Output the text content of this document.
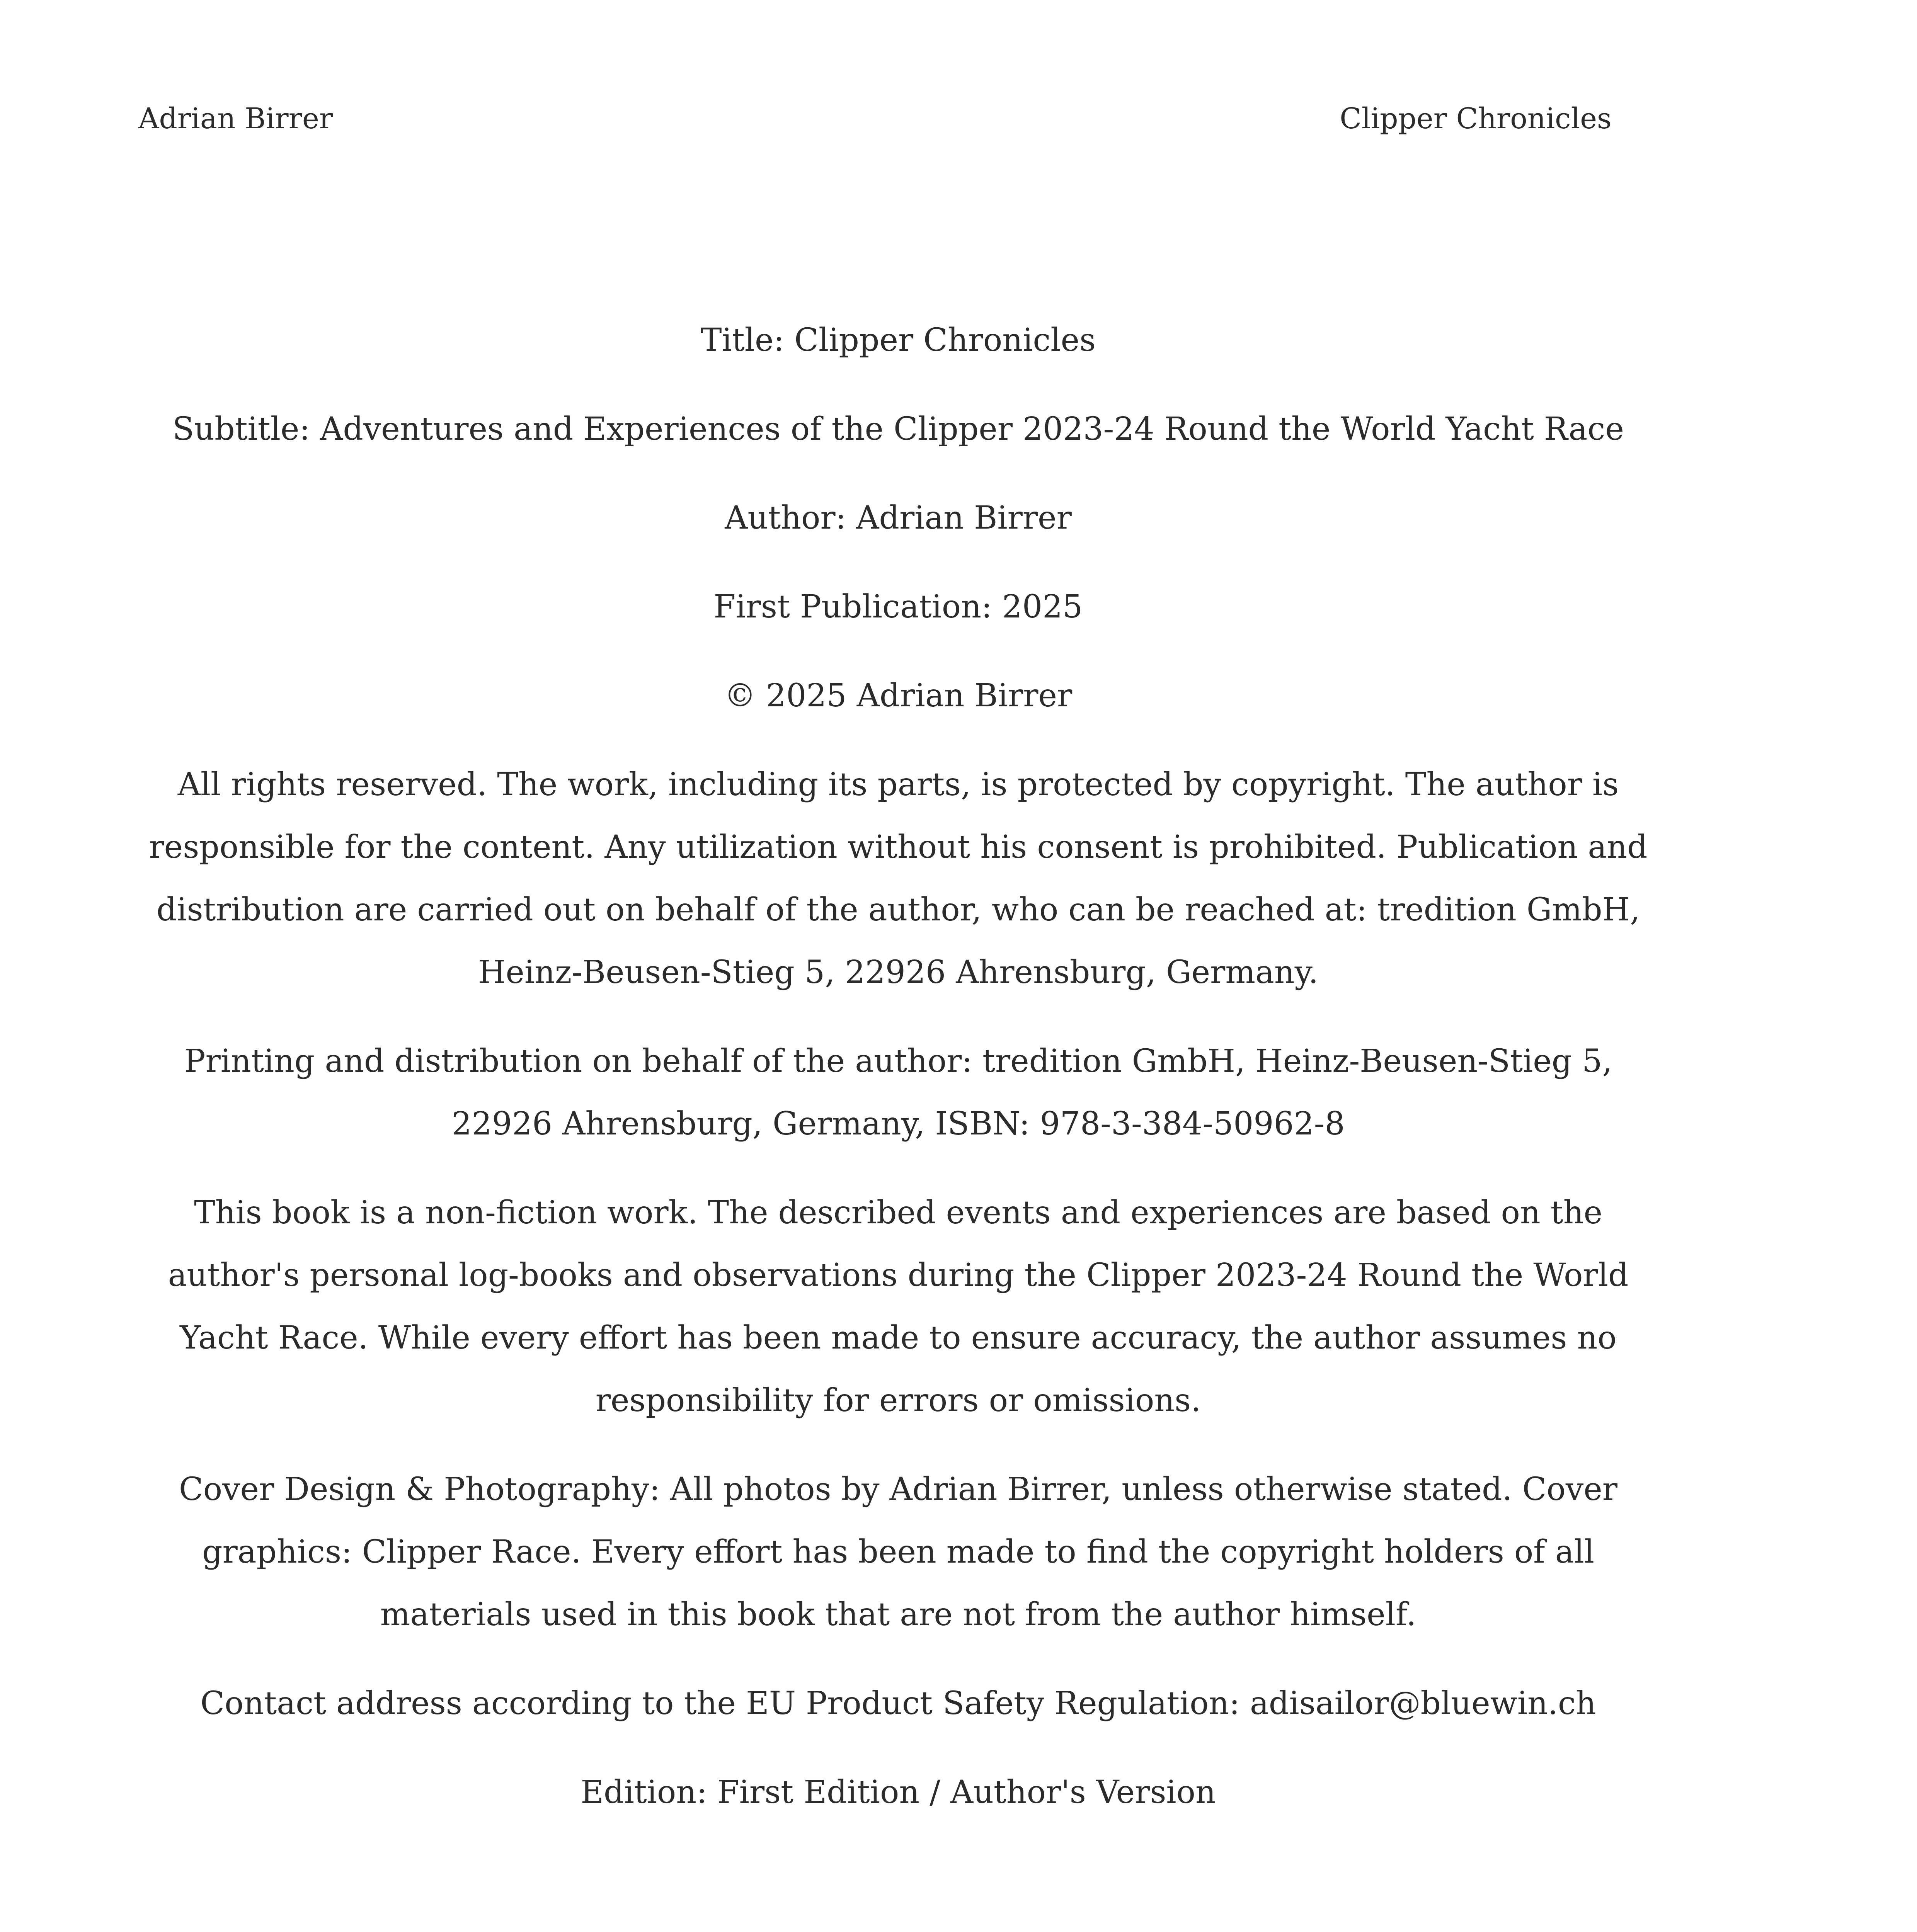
Adrian Birrer	Clipper Chronicles

Title: Clipper Chronicles

Subtitle: Adventures and Experiences of the Clipper 2023-24 Round the World Yacht Race

Author: Adrian Birrer

First Publication: 2025

© 2025 Adrian Birrer

All rights reserved. The work, including its parts, is protected by copyright. The author is responsible for the content. Any utilization without his consent is prohibited. Publication and distribution are carried out on behalf of the author, who can be reached at: tredition GmbH, Heinz-Beusen-Stieg 5, 22926 Ahrensburg, Germany.

Printing and distribution on behalf of the author: tredition GmbH, Heinz-Beusen-Stieg 5, 22926 Ahrensburg, Germany, ISBN: 978-3-384-50962-8

This book is a non-fiction work. The described events and experiences are based on the author's personal log-books and observations during the Clipper 2023-24 Round the World Yacht Race. While every effort has been made to ensure accuracy, the author assumes no responsibility for errors or omissions.

Cover Design & Photography: All photos by Adrian Birrer, unless otherwise stated. Cover graphics: Clipper Race. Every effort has been made to find the copyright holders of all materials used in this book that are not from the author himself.

Contact address according to the EU Product Safety Regulation: adisailor@bluewin.ch

Edition: First Edition / Author's Version
